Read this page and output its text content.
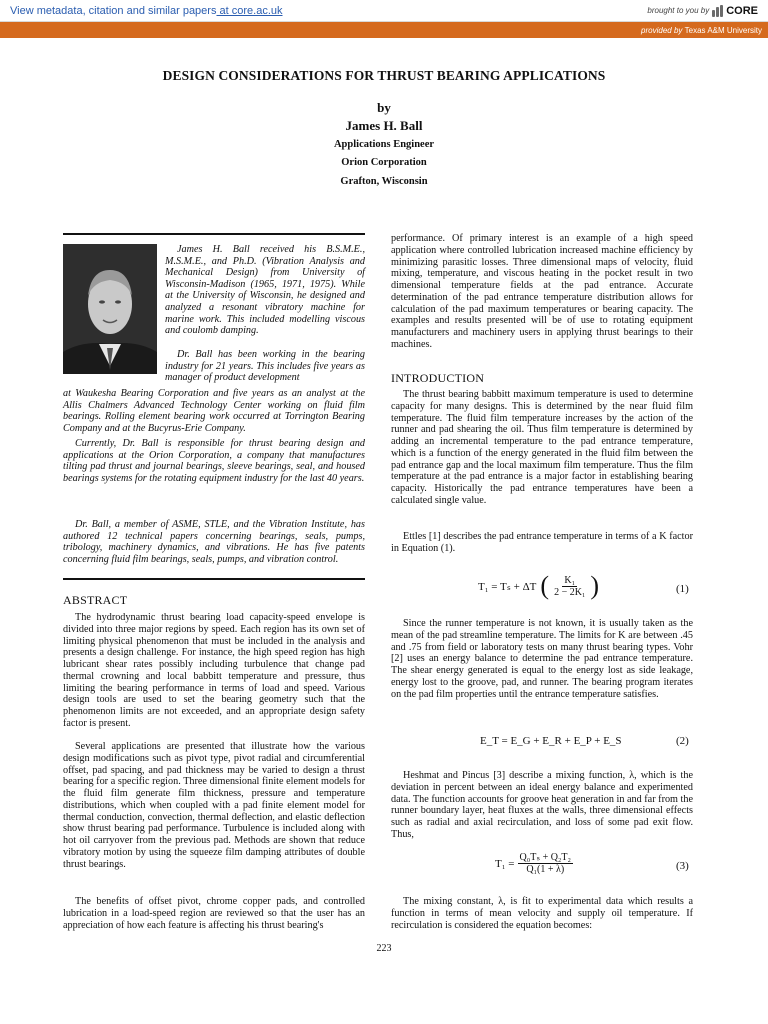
View metadata, citation and similar papers at core.ac.uk	brought to you by CORE
provided by Texas A&M University
DESIGN CONSIDERATIONS FOR THRUST BEARING APPLICATIONS
by
James H. Ball
Applications Engineer
Orion Corporation
Grafton, Wisconsin
James H. Ball received his B.S.M.E., M.S.M.E., and Ph.D. (Vibration Analysis and Mechanical Design) from University of Wisconsin-Madison (1965, 1971, 1975). While at the University of Wisconsin, he designed and analyzed a resonant vibratory machine for marine work. This included modelling viscous and coulomb damping.
Dr. Ball has been working in the bearing industry for 21 years. This includes five years as manager of product development
at Waukesha Bearing Corporation and five years as an analyst at the Allis Chalmers Advanced Technology Center working on fluid film bearings. Rolling element bearing work occurred at Torrington Bearing Company and at the Bucyrus-Erie Company.
Currently, Dr. Ball is responsible for thrust bearing design and applications at the Orion Corporation, a company that manufactures tilting pad thrust and journal bearings, sleeve bearings, seal, and housed bearings systems for the rotating equipment industry for the last 40 years.
Dr. Ball, a member of ASME, STLE, and the Vibration Institute, has authored 12 technical papers concerning bearings, seals, pumps, tribology, machinery dynamics, and vibrations. He has five patents concerning fluid film bearings, seals, pumps, and vibration control.
ABSTRACT
The hydrodynamic thrust bearing load capacity-speed envelope is divided into three major regions by speed. Each region has its own set of limiting physical phenomenon that must be included in the analysis and presents a design challenge. For instance, the high speed region has high lubricant shear rates possibly including turbulence that change pad thermal crowning and local babbitt temperature and pressure, thus limiting the bearing performance in terms of load and speed. Various design tools are used to set the bearing geometry such that the phenomenon limits are not exceeded, and an appropriate design safety factor is present.
Several applications are presented that illustrate how the various design modifications such as pivot type, pivot radial and circumferential offset, pad spacing, and pad thickness may be varied to design a thrust bearing for a specific region. Three dimensional finite element models for the fluid film generate film thickness, pressure and temperature distributions, which when coupled with a pad finite element model for thermal conduction, convection, thermal deflection, and elastic deflection show thrust bearing pad performance. Turbulence is included along with hot oil carryover from the previous pad. Methods are shown that reduce vibratory motion by using the squeeze film damping attributes of double thrust bearings.
The benefits of offset pivot, chrome copper pads, and controlled lubrication in a load-speed region are reviewed so that the user has an appreciation of how each feature is affecting his thrust bearing's
performance. Of primary interest is an example of a high speed application where controlled lubrication increased machine efficiency by minimizing parasitic losses. Three dimensional maps of velocity, fluid mixing, temperature, and viscous heating in the pocket result in two dimensional temperature fields at the pad entrance. Accurate determination of the pad entrance temperature distribution allows for calculation of the pad maximum temperatures or bearing capacity. The examples and results presented will be of use to rotating equipment manufacturers and machinery users in applying thrust bearings to their machines.
INTRODUCTION
The thrust bearing babbitt maximum temperature is used to determine capacity for many designs. This is determined by the near fluid film temperature. The fluid film temperature increases by the action of the runner and pad shearing the oil. Thus film temperature is determined by adding an incremental temperature to the pad entrance temperature, which is a function of the energy generated in the fluid film between the pad entrance gap and the local maximum film temperature. Thus the film temperature at the pad entrance is a major factor in establishing bearing capacity. Historically the pad entrance temperatures have been a calculated single value.
Ettles [1] describes the pad entrance temperature in terms of a K factor in Equation (1).
T₁ = Tₛ + ΔT ( $\frac{\text{K₁}}{\text{2 − 2K₁}}$ )	(1)
Since the runner temperature is not known, it is usually taken as the mean of the pad streamline temperature. The limits for K are between .45 and .75 from field or laboratory tests on many thrust bearing types. Vohr [2] uses an energy balance to determine the pad entrance temperature. The shear energy generated is equal to the energy lost as side leakage, energy lost to the groove, pad, and runner. The bearing program iterates on the pad film properties until the entrance temperature satisfies.
E_T = E_G + E_R + E_P + E_S	(2)
Heshmat and Pincus [3] describe a mixing function, λ, which is the deviation in percent between an ideal energy balance and experimented data. The function accounts for groove heat generation in and far from the runner boundary layer, heat fluxes at the walls, three dimensional effects such as radial and axial recirculation, and loss of some pad exit flow. Thus,
$T_1 = \frac{\text{Q₀Tₛ + Q₂T₂}}{\text{Q₁(1 + λ)}}$	(3)
The mixing constant, λ, is fit to experimental data which results a function in terms of mean velocity and supply oil temperature. If recirculation is considered the equation becomes:
223
